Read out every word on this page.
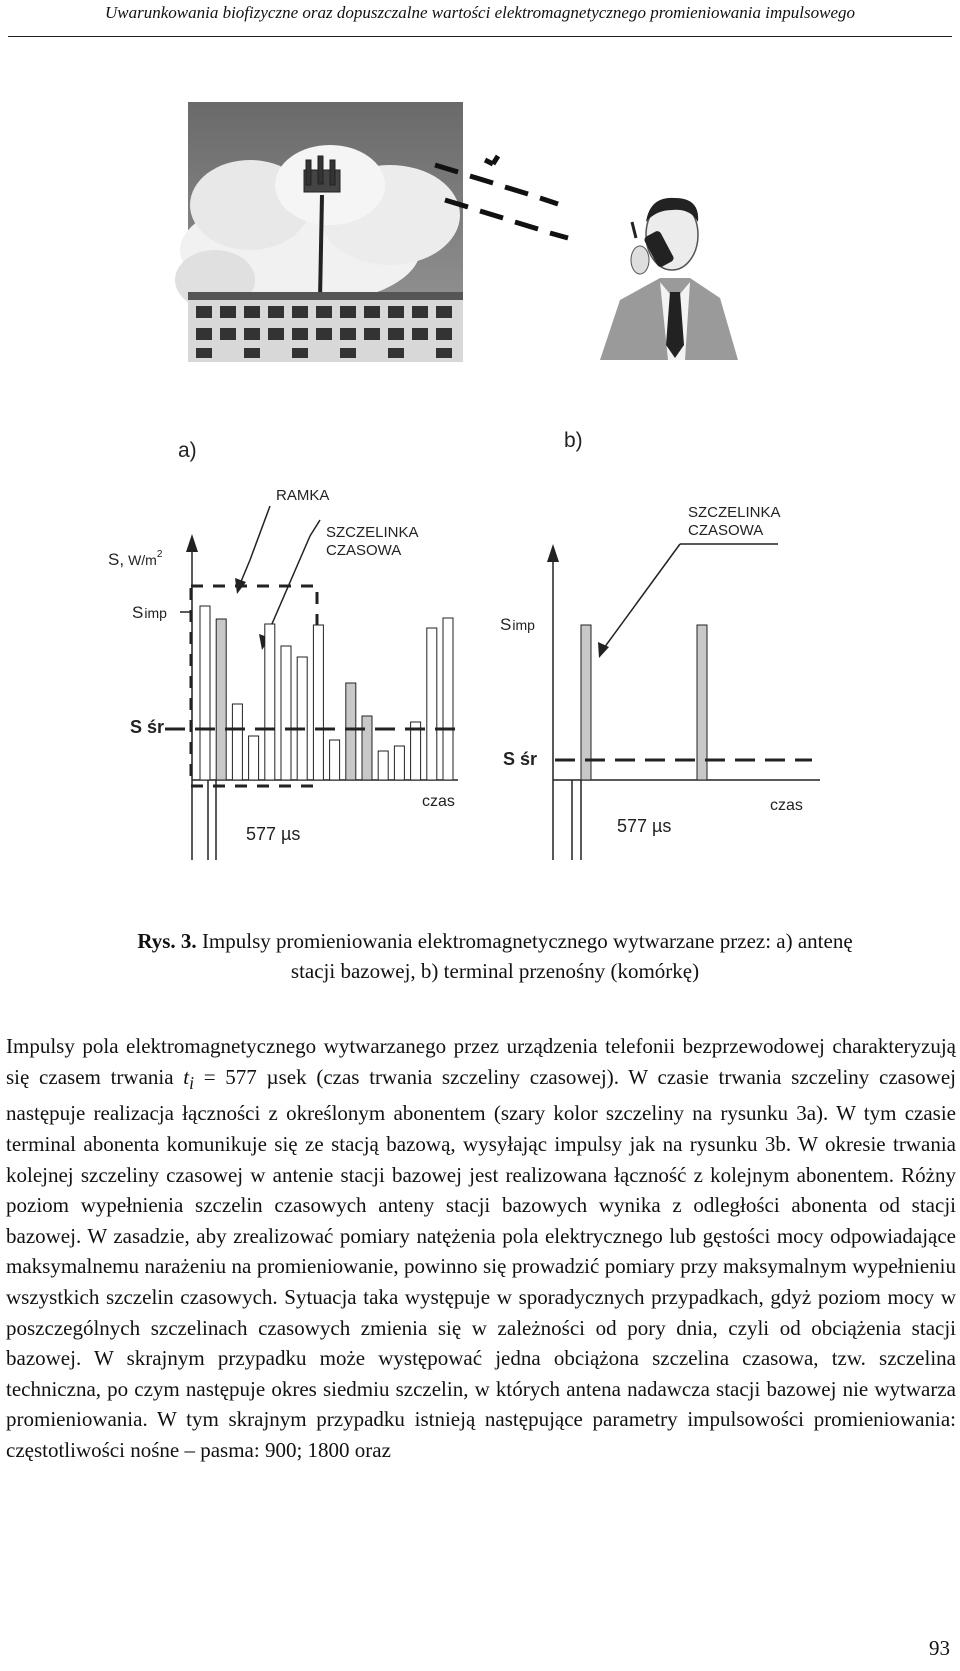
Uwarunkowania biofizyczne oraz dopuszczalne wartości elektromagnetycznego promieniowania impulsowego
a)	b)
S, $W/m^2$
czas
Simp
S śr
RAMKA
SZCZELINKA
CZASOWA
577 µs
czas
Simp
S śr
SZCZELINKA
CZASOWA
577 µs
Rys. 3. Impulsy promieniowania elektromagnetycznego wytwarzane przez: a) antenę stacji bazowej, b) terminal przenośny (komórkę)
Impulsy pola elektromagnetycznego wytwarzanego przez urządzenia telefonii bezprzewodowej charakteryzują się czasem trwania $t_i = 577$ µsek (czas trwania szczeliny czasowej). W czasie trwania szczeliny czasowej następuje realizacja łączności z określonym abonentem (szary kolor szczeliny na rysunku 3a). W tym czasie terminal abonenta komunikuje się ze stacją bazową, wysyłając impulsy jak na rysunku 3b. W okresie trwania kolejnej szczeliny czasowej w antenie stacji bazowej jest realizowana łączność z kolejnym abonentem. Różny poziom wypełnienia szczelin czasowych anteny stacji bazowych wynika z odległości abonenta od stacji bazowej. W zasadzie, aby zrealizować pomiary natężenia pola elektrycznego lub gęstości mocy odpowiadające maksymalnemu narażeniu na promieniowanie, powinno się prowadzić pomiary przy maksymalnym wypełnieniu wszystkich szczelin czasowych. Sytuacja taka występuje w sporadycznych przypadkach, gdyż poziom mocy w poszczególnych szczelinach czasowych zmienia się w zależności od pory dnia, czyli od obciążenia stacji bazowej. W skrajnym przypadku może występować jedna obciążona szczelina czasowa, tzw. szczelina techniczna, po czym następuje okres siedmiu szczelin, w których antena nadawcza stacji bazowej nie wytwarza promieniowania. W tym skrajnym przypadku istnieją następujące parametry impulsowości promieniowania: częstotliwości nośne – pasma: 900; 1800 oraz
93
